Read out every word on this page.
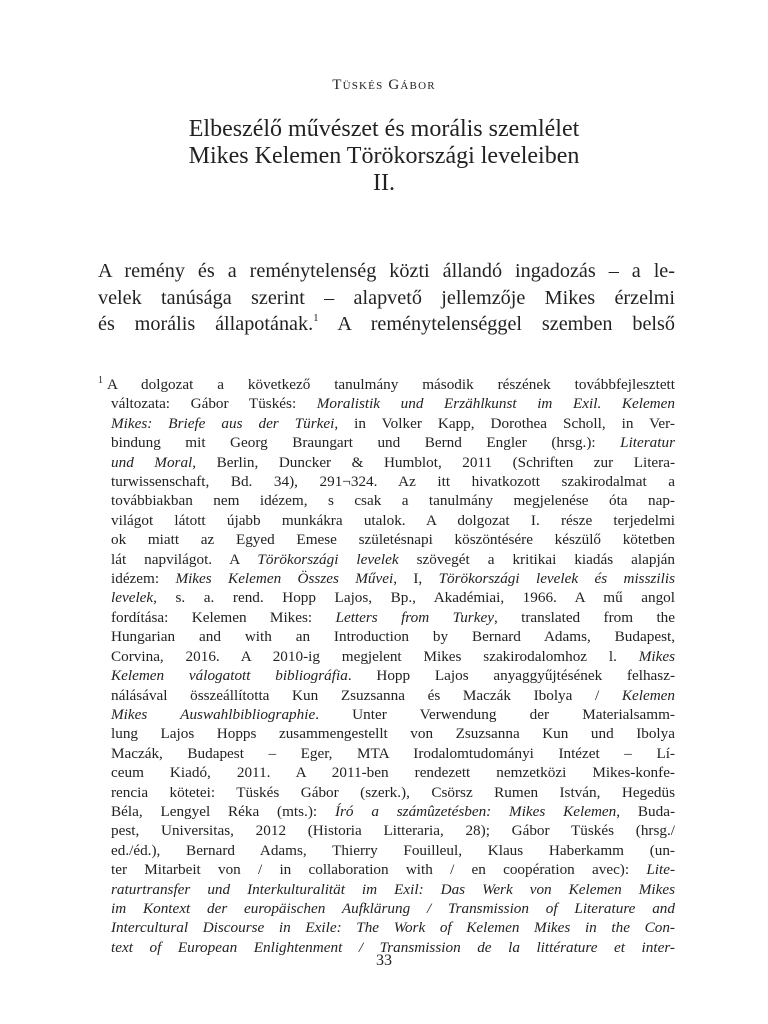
Tüskés Gábor
Elbeszélő művészet és morális szemlélet
Mikes Kelemen Törökországi leveleiben
II.
A remény és a reménytelenség közti állandó ingadozás – a le-
velek tanúsága szerint – alapvető jellemzője Mikes érzelmi
és morális állapotának.$^1$ A reménytelenséggel szemben belső
$^1$ A dolgozat a következő tanulmány második részének továbbfejlesztett
változata: Gábor Tüskés: Moralistik und Erzählkunst im Exil. Kelemen
Mikes: Briefe aus der Türkei, in Volker Kapp, Dorothea Scholl, in Ver-
bindung mit Georg Braungart und Bernd Engler (hrsg.): Literatur
und Moral, Berlin, Duncker & Humblot, 2011 (Schriften zur Litera-
turwissenschaft, Bd. 34), 291¬324. Az itt hivatkozott szakirodalmat a
továbbiakban nem idézem, s csak a tanulmány megjelenése óta nap-
világot látott újabb munkákra utalok. A dolgozat I. része terjedelmi
ok miatt az Egyed Emese születésnapi köszöntésére készülő kötetben
lát napvilágot. A Törökországi levelek szövegét a kritikai kiadás alapján
idézem: Mikes Kelemen Összes Művei, I, Törökországi levelek és misszilis
levelek, s. a. rend. Hopp Lajos, Bp., Akadémiai, 1966. A mű angol
fordítása: Kelemen Mikes: Letters from Turkey, translated from the
Hungarian and with an Introduction by Bernard Adams, Budapest,
Corvina, 2016. A 2010-ig megjelent Mikes szakirodalomhoz l. Mikes
Kelemen válogatott bibliográfia. Hopp Lajos anyaggyűjtésének felhasz-
nálásával összeállította Kun Zsuzsanna és Maczák Ibolya / Kelemen
Mikes Auswahlbibliographie. Unter Verwendung der Materialsamm-
lung Lajos Hopps zusammengestellt von Zsuzsanna Kun und Ibolya
Maczák, Budapest – Eger, MTA Irodalomtudományi Intézet – Lí-
ceum Kiadó, 2011. A 2011-ben rendezett nemzetközi Mikes-konfe-
rencia kötetei: Tüskés Gábor (szerk.), Csörsz Rumen István, Hegedüs
Béla, Lengyel Réka (mts.): Író a számûzetésben: Mikes Kelemen, Buda-
pest, Universitas, 2012 (Historia Litteraria, 28); Gábor Tüskés (hrsg./
ed./éd.), Bernard Adams, Thierry Fouilleul, Klaus Haberkamm (un-
ter Mitarbeit von / in collaboration with / en coopération avec): Lite-
raturtransfer und Interkulturalität im Exil: Das Werk von Kelemen Mikes
im Kontext der europäischen Aufklärung / Transmission of Literature and
Intercultural Discourse in Exile: The Work of Kelemen Mikes in the Con-
text of European Enlightenment / Transmission de la littérature et inter-
33
